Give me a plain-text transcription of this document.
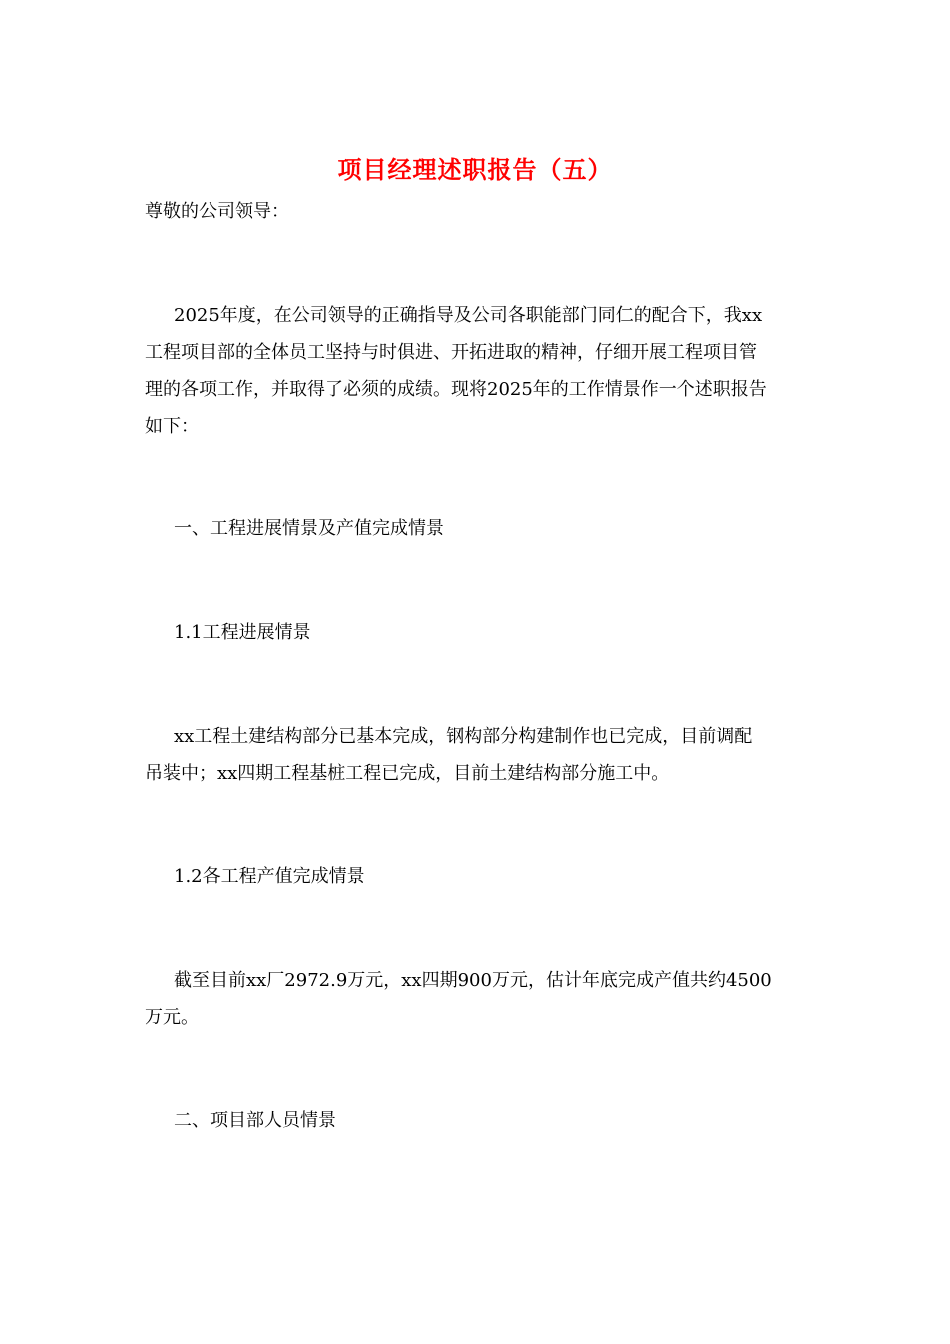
项目经理述职报告（五）

尊敬的公司领导：

2025年度，在公司领导的正确指导及公司各职能部门同仁的配合下，我xx
工程项目部的全体员工坚持与时俱进、开拓进取的精神，仔细开展工程项目管
理的各项工作，并取得了必须的成绩。现将2025年的工作情景作一个述职报告
如下：

一、工程进展情景及产值完成情景

1.1工程进展情景

xx工程土建结构部分已基本完成，钢构部分构建制作也已完成，目前调配
吊装中；xx四期工程基桩工程已完成，目前土建结构部分施工中。

1.2各工程产值完成情景

截至目前xx厂2972.9万元，xx四期900万元，估计年底完成产值共约4500
万元。

二、项目部人员情景
